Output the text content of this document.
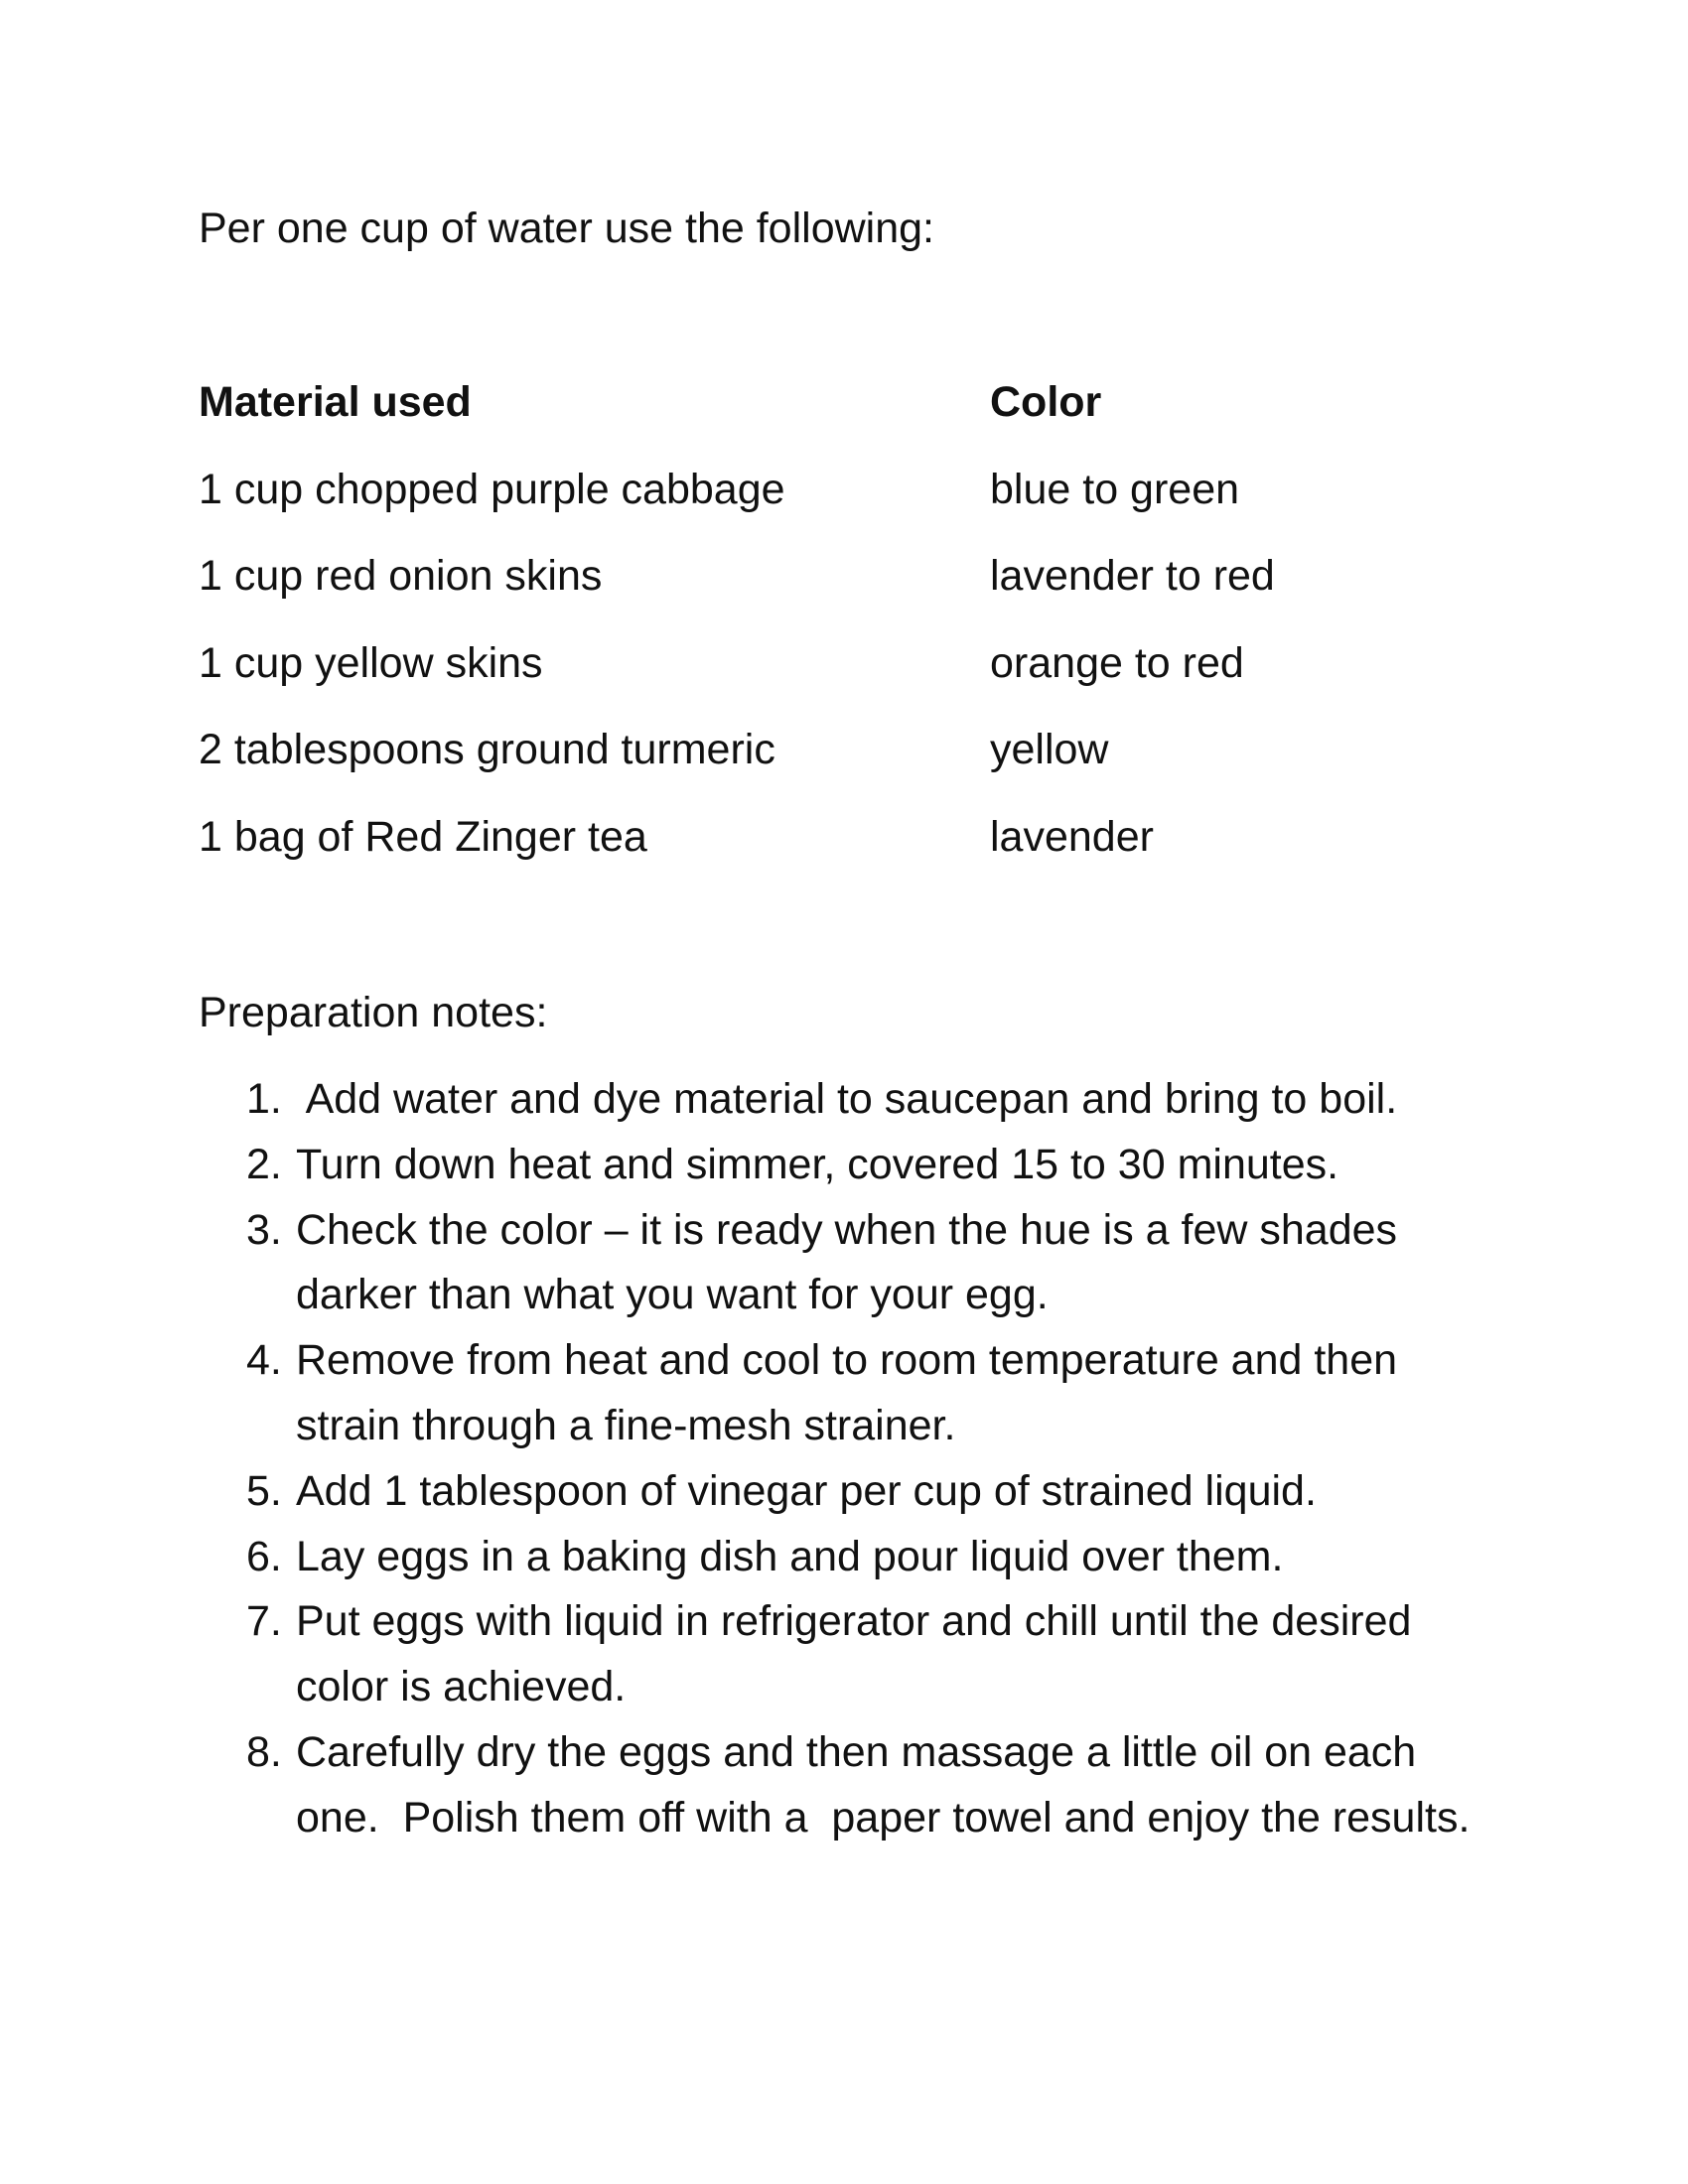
Per one cup of water use the following:
Material used	Color
1 cup chopped purple cabbage	blue to green
1 cup red onion skins	lavender to red
1 cup yellow skins	orange to red
2 tablespoons ground turmeric	yellow
1 bag of Red Zinger tea	lavender
Preparation notes:
1. Add water and dye material to saucepan and bring to boil.
2. Turn down heat and simmer, covered 15 to 30 minutes.
3. Check the color – it is ready when the hue is a few shades darker than what you want for your egg.
4. Remove from heat and cool to room temperature and then strain through a fine-mesh strainer.
5. Add 1 tablespoon of vinegar per cup of strained liquid.
6. Lay eggs in a baking dish and pour liquid over them.
7. Put eggs with liquid in refrigerator and chill until the desired color is achieved.
8. Carefully dry the eggs and then massage a little oil on each one.  Polish them off with a  paper towel and enjoy the results.
